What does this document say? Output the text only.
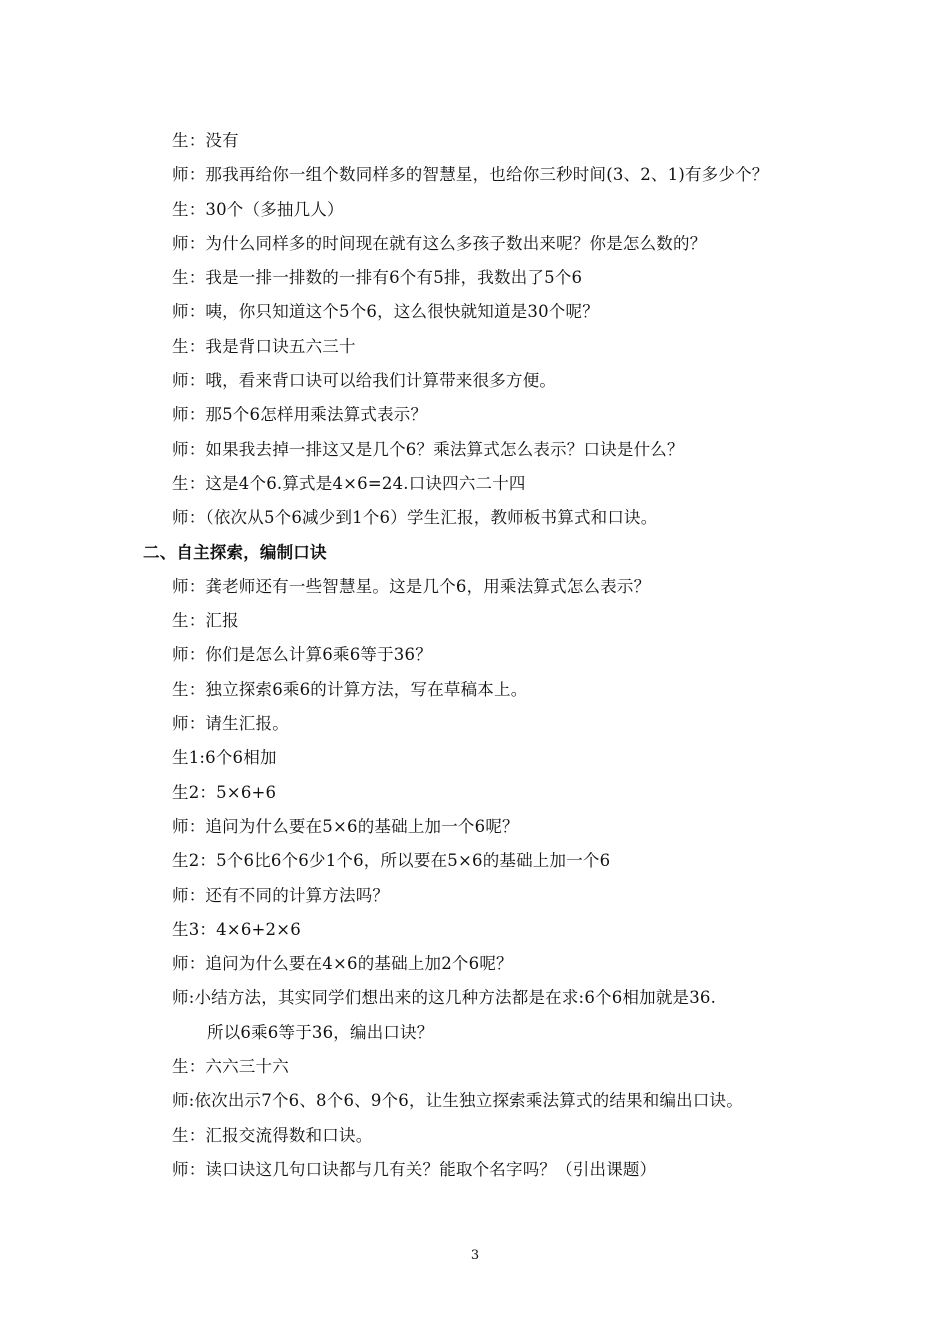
生：没有
师：那我再给你一组个数同样多的智慧星，也给你三秒时间(3、2、1)有多少个？
生：30个（多抽几人）
师：为什么同样多的时间现在就有这么多孩子数出来呢？你是怎么数的？
生：我是一排一排数的一排有6个有5排，我数出了5个6
师：咦，你只知道这个5个6，这么很快就知道是30个呢？
生：我是背口诀五六三十
师：哦，看来背口诀可以给我们计算带来很多方便。
师：那5个6怎样用乘法算式表示？
师：如果我去掉一排这又是几个6？乘法算式怎么表示？口诀是什么？
生：这是4个6.算式是4×6=24.口诀四六二十四
师：（依次从5个6减少到1个6）学生汇报，教师板书算式和口诀。
二、自主探索，编制口诀
师：龚老师还有一些智慧星。这是几个6，用乘法算式怎么表示？
生：汇报
师：你们是怎么计算6乘6等于36？
生：独立探索6乘6的计算方法，写在草稿本上。
师：请生汇报。
生1:6个6相加
生2：5×6+6
师：追问为什么要在5×6的基础上加一个6呢？
生2：5个6比6个6少1个6，所以要在5×6的基础上加一个6
师：还有不同的计算方法吗？
生3：4×6+2×6
师：追问为什么要在4×6的基础上加2个6呢？
师:小结方法，其实同学们想出来的这几种方法都是在求:6个6相加就是36.
所以6乘6等于36，编出口诀？
生：六六三十六
师:依次出示7个6、8个6、9个6，让生独立探索乘法算式的结果和编出口诀。
生：汇报交流得数和口诀。
师：读口诀这几句口诀都与几有关？能取个名字吗？（引出课题）
3
